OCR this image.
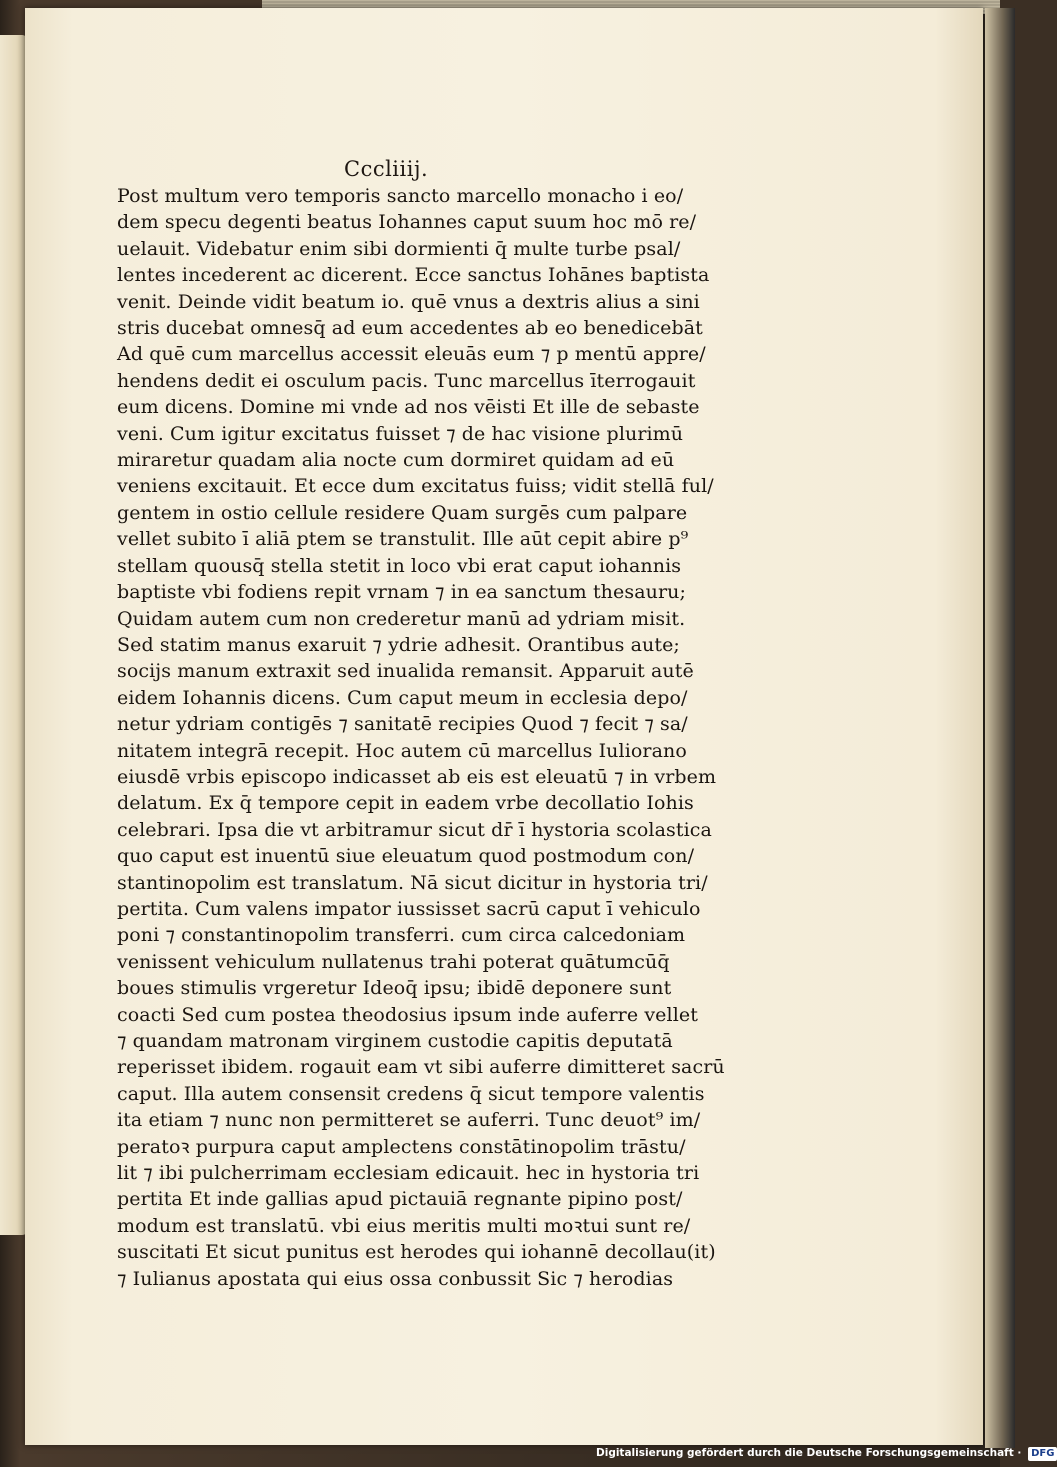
Cccliiij.
Post multum vero temporis sancto marcello monacho i eo/
dem specu degenti beatus Iohannes caput suum hoc mō re/
uelauit. Videbatur enim sibi dormienti q̄ multe turbe psal/
lentes incederent ac dicerent. Ecce sanctus Iohānes baptista
venit. Deinde vidit beatum io. quē vnus a dextris alius a sini
stris ducebat omnesq̄ ad eum accedentes ab eo benedicebāt
Ad quē cum marcellus accessit eleuās eum ⁊ p mentū appre/
hendens dedit ei osculum pacis. Tunc marcellus īterrogauit
eum dicens. Domine mi vnde ad nos vēisti Et ille de sebaste
veni. Cum igitur excitatus fuisset ⁊ de hac visione plurimū
miraretur quadam alia nocte cum dormiret quidam ad eū
veniens excitauit. Et ecce dum excitatus fuiss; vidit stellā ful/
gentem in ostio cellule residere Quam surgēs cum palpare
vellet subito ī aliā ptem se transtulit. Ille aūt cepit abire p⁹
stellam quousq̄ stella stetit in loco vbi erat caput iohannis
baptiste vbi fodiens repit vrnam ⁊ in ea sanctum thesauru;
Quidam autem cum non crederetur manū ad ydriam misit.
Sed statim manus exaruit ⁊ ydrie adhesit. Orantibus aute;
socijs manum extraxit sed inualida remansit. Apparuit autē
eidem Iohannis dicens. Cum caput meum in ecclesia depo/
netur ydriam contigēs ⁊ sanitatē recipies Quod ⁊ fecit ⁊ sa/
nitatem integrā recepit. Hoc autem cū marcellus Iuliorano
eiusdē vrbis episcopo indicasset ab eis est eleuatū ⁊ in vrbem
delatum. Ex q̄ tempore cepit in eadem vrbe decollatio Iohis
celebrari. Ipsa die vt arbitramur sicut dr̄ ī hystoria scolastica
quo caput est inuentū siue eleuatum quod postmodum con/
stantinopolim est translatum. Nā sicut dicitur in hystoria tri/
pertita. Cum valens impator iussisset sacrū caput ī vehiculo
poni ⁊ constantinopolim transferri. cum circa calcedoniam
venissent vehiculum nullatenus trahi poterat quātumcūq̄
boues stimulis vrgeretur Ideoq̄ ipsu; ibidē deponere sunt
coacti Sed cum postea theodosius ipsum inde auferre vellet
⁊ quandam matronam virginem custodie capitis deputatā
reperisset ibidem. rogauit eam vt sibi auferre dimitteret sacrū
caput. Illa autem consensit credens q̄ sicut tempore valentis
ita etiam ⁊ nunc non permitteret se auferri. Tunc deuot⁹ im/
peratoꝛ purpura caput amplectens constātinopolim trāstu/
lit ⁊ ibi pulcherrimam ecclesiam edicauit. hec in hystoria tri
pertita Et inde gallias apud pictauiā regnante pipino post/
modum est translatū. vbi eius meritis multi moꝛtui sunt re/
suscitati Et sicut punitus est herodes qui iohannē decollau(it)
⁊ Iulianus apostata qui eius ossa conbussit Sic ⁊ herodias
Digitalisierung gefördert durch die Deutsche Forschungsgemeinschaft · DFG
